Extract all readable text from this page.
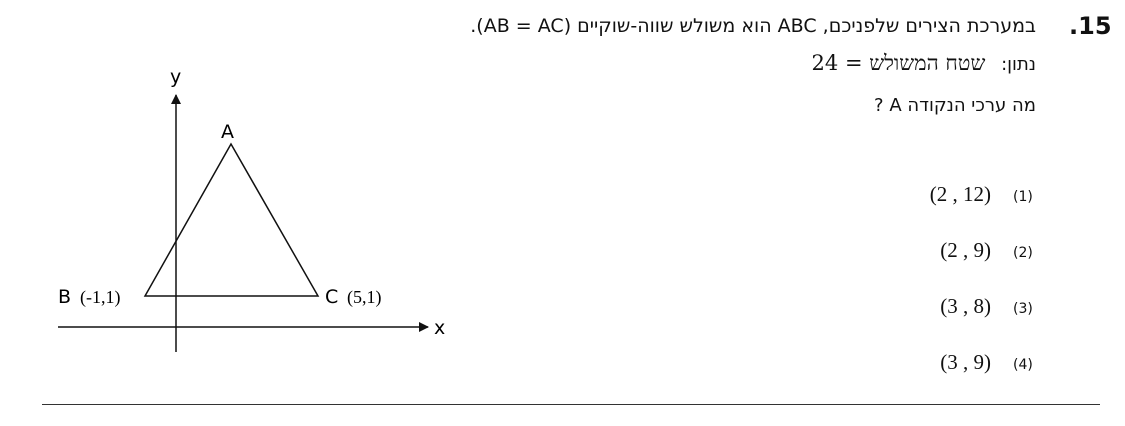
.15
במערכת הצירים שלפניכם, ABC הוא משולש שווה-שוקיים (AB = AC).
נתון: שטח המשולש = 24
מה ערכי הנקודה A ?
y
x
A
B (-1,1)	C (5,1)
(2 , 12) (1)
(2 , 9) (2)
(3 , 8) (3)
(3 , 9) (4)
